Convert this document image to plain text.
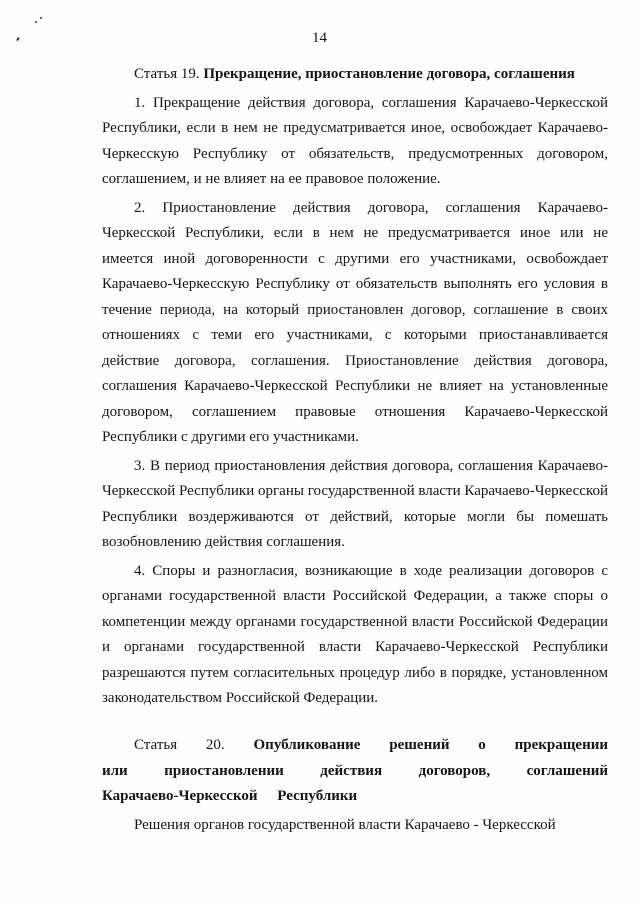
14

Статья 19. Прекращение, приостановление договора, соглашения

1. Прекращение действия договора, соглашения Карачаево-Черкесской Республики, если в нем не предусматривается иное, освобождает Карачаево-Черкесскую Республику от обязательств, предусмотренных договором, соглашением, и не влияет на ее правовое положение.

2. Приостановление действия договора, соглашения Карачаево-Черкесской Республики, если в нем не предусматривается иное или не имеется иной договоренности с другими его участниками, освобождает Карачаево-Черкесскую Республику от обязательств выполнять его условия в течение периода, на который приостановлен договор, соглашение в своих отношениях с теми его участниками, с которыми приостанавливается действие договора, соглашения. Приостановление действия договора, соглашения Карачаево-Черкесской Республики не влияет на установленные договором, соглашением правовые отношения Карачаево-Черкесской Республики с другими его участниками.

3. В период приостановления действия договора, соглашения Карачаево-Черкесской Республики органы государственной власти Карачаево-Черкесской Республики воздерживаются от действий, которые могли бы помешать возобновлению действия соглашения.

4. Споры и разногласия, возникающие в ходе реализации договоров с органами государственной власти Российской Федерации, а также споры о компетенции между органами государственной власти Российской Федерации и органами государственной власти Карачаево-Черкесской Республики разрешаются путем согласительных процедур либо в порядке, установленном законодательством Российской Федерации.

Статья 20. Опубликование решений о прекращении или приостановлении действия договоров, соглашений Карачаево-Черкесской Республики

Решения органов государственной власти Карачаево - Черкесской
